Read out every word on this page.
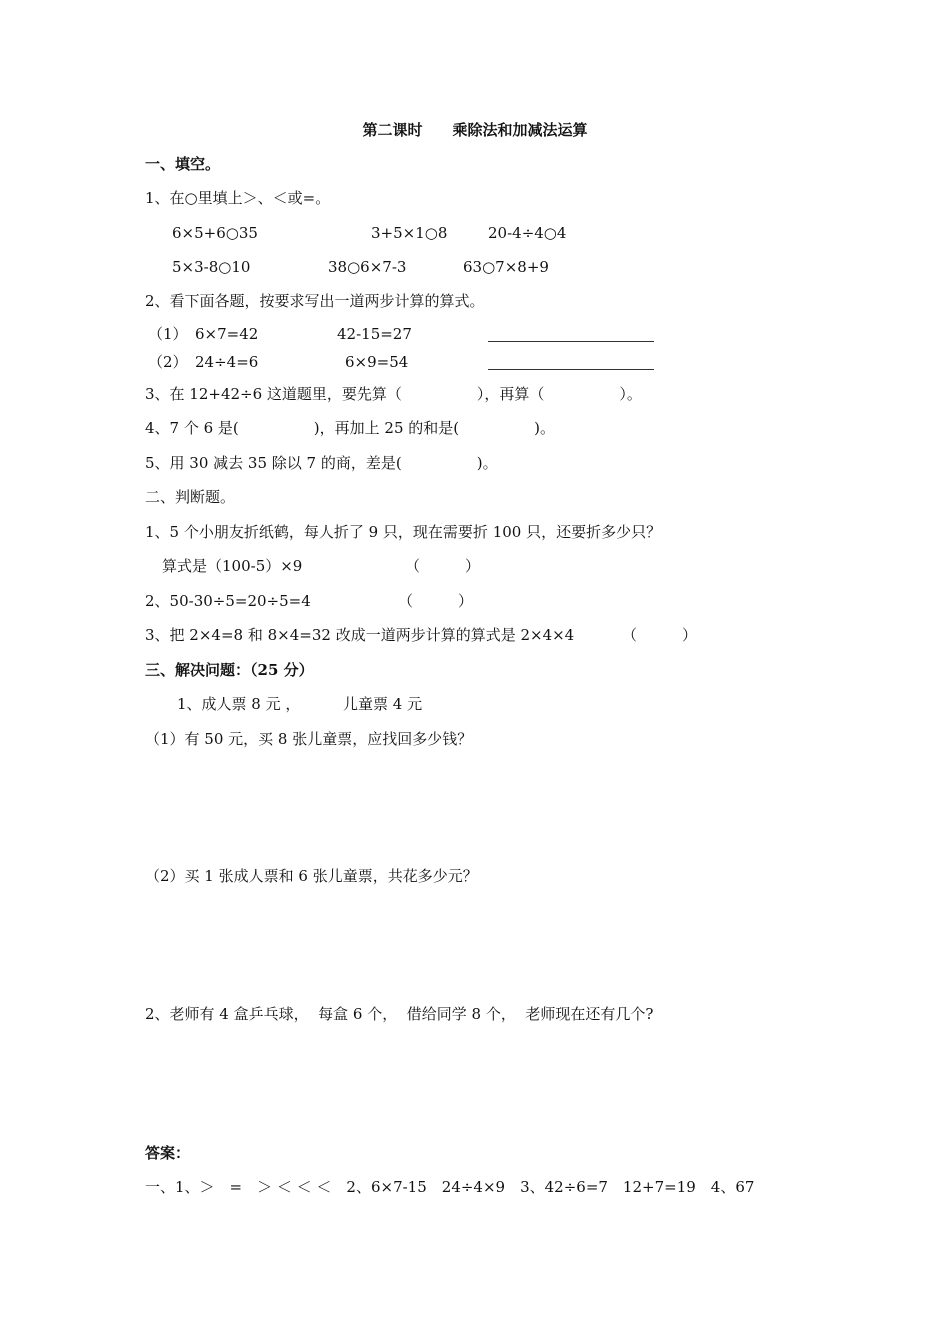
第二课时　　乘除法和加减法运算
一、填空。
1、在○里填上＞、＜或=。
6×5+6○35	3+5×1○8	20-4÷4○4
5×3-8○10	38○6×7-3	63○7×8+9
2、看下面各题，按要求写出一道两步计算的算式。
（1） 6×7=42	42-15=27
（2） 24÷4=6	6×9=54
3、在 12+42÷6 这道题里，要先算（　　　　　），再算（　　　　　）。
4、7 个 6 是(　　　　　)，再加上 25 的和是(　　　　　)。
5、用 30 减去 35 除以 7 的商，差是(　　　　　)。
二、判断题。
1、5 个小朋友折纸鹤，每人折了 9 只，现在需要折 100 只，还要折多少只？
算式是（100-5）×9	（　　　）
2、50-30÷5=20÷5=4	（　　　）
3、把 2×4=8 和 8×4=32 改成一道两步计算的算式是 2×4×4	（　　　）
三、解决问题：（25 分）
1、成人票 8 元 ，	儿童票 4 元
（1）有 50 元，买 8 张儿童票，应找回多少钱？
（2）买 1 张成人票和 6 张儿童票，共花多少元？
2、老师有 4 盒乒乓球，  每盒 6 个，  借给同学 8 个，  老师现在还有几个?
答案：
一、1、＞　=　＞ ＜ ＜ ＜　2、6×7-15　24÷4×9　3、42÷6=7　12+7=19　4、67
